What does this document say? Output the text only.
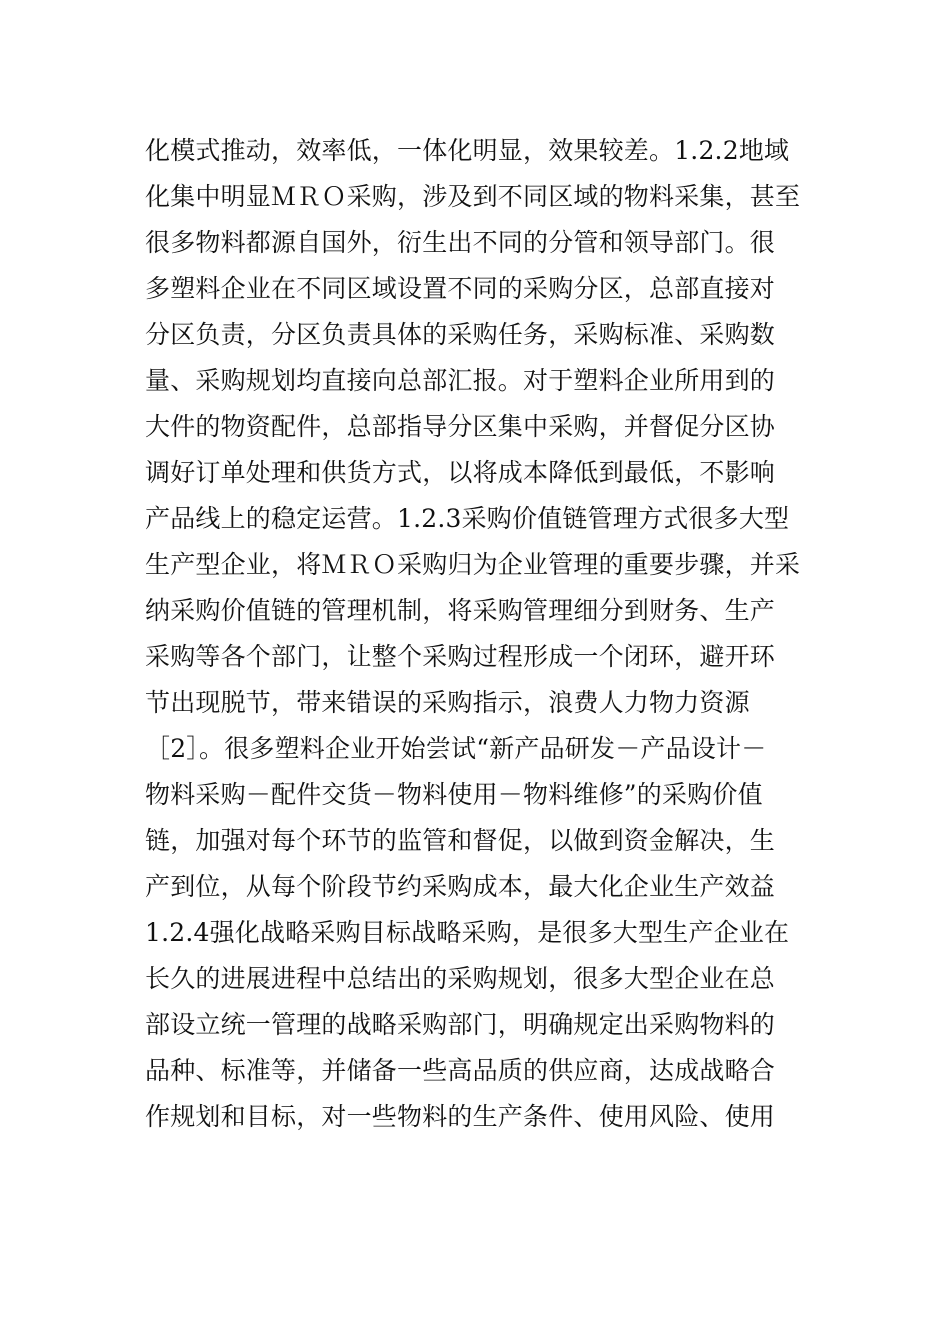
化模式推动，效率低，一体化明显，效果较差。1.2.2地域
化集中明显ＭＲＯ采购，涉及到不同区域的物料采集，甚至
很多物料都源自国外，衍生出不同的分管和领导部门。很
多塑料企业在不同区域设置不同的采购分区，总部直接对
分区负责，分区负责具体的采购任务，采购标准、采购数
量、采购规划均直接向总部汇报。对于塑料企业所用到的
大件的物资配件，总部指导分区集中采购，并督促分区协
调好订单处理和供货方式，以将成本降低到最低，不影响
产品线上的稳定运营。1.2.3采购价值链管理方式很多大型
生产型企业，将ＭＲＯ采购归为企业管理的重要步骤，并采
纳采购价值链的管理机制，将采购管理细分到财务、生产
采购等各个部门，让整个采购过程形成一个闭环，避开环
节出现脱节，带来错误的采购指示，浪费人力物力资源
［2］。很多塑料企业开始尝试“新产品研发－产品设计－
物料采购－配件交货－物料使用－物料维修”的采购价值
链，加强对每个环节的监管和督促，以做到资金解决，生
产到位，从每个阶段节约采购成本，最大化企业生产效益
1.2.4强化战略采购目标战略采购，是很多大型生产企业在
长久的进展进程中总结出的采购规划，很多大型企业在总
部设立统一管理的战略采购部门，明确规定出采购物料的
品种、标准等，并储备一些高品质的供应商，达成战略合
作规划和目标，对一些物料的生产条件、使用风险、使用
